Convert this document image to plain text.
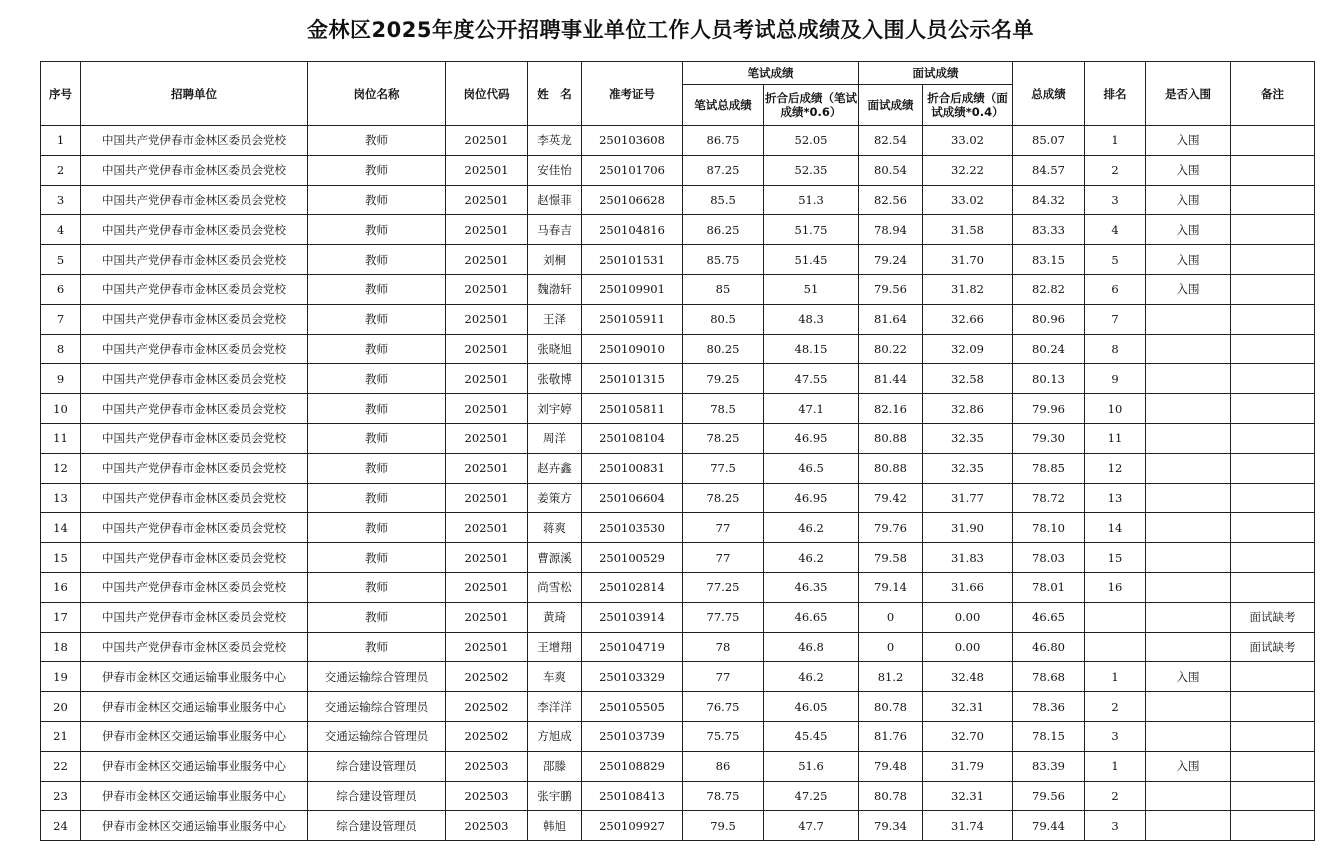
金林区2025年度公开招聘事业单位工作人员考试总成绩及入围人员公示名单
序号	招聘单位	岗位名称	岗位代码	姓　名	准考证号	笔试成绩		面试成绩		总成绩	排名	是否入围	备注
						笔试总成绩	折合后成绩（笔试成绩*0.6）	面试成绩	折合后成绩（面试成绩*0.4）				
1	中国共产党伊春市金林区委员会党校	教师	202501	李英龙	250103608	86.75	52.05	82.54	33.02	85.07	1	入围	
2	中国共产党伊春市金林区委员会党校	教师	202501	安佳怡	250101706	87.25	52.35	80.54	32.22	84.57	2	入围	
3	中国共产党伊春市金林区委员会党校	教师	202501	赵憬菲	250106628	85.5	51.3	82.56	33.02	84.32	3	入围	
4	中国共产党伊春市金林区委员会党校	教师	202501	马春吉	250104816	86.25	51.75	78.94	31.58	83.33	4	入围	
5	中国共产党伊春市金林区委员会党校	教师	202501	刘桐	250101531	85.75	51.45	79.24	31.70	83.15	5	入围	
6	中国共产党伊春市金林区委员会党校	教师	202501	魏渤轩	250109901	85	51	79.56	31.82	82.82	6	入围	
7	中国共产党伊春市金林区委员会党校	教师	202501	王泽	250105911	80.5	48.3	81.64	32.66	80.96	7		
8	中国共产党伊春市金林区委员会党校	教师	202501	张晓旭	250109010	80.25	48.15	80.22	32.09	80.24	8		
9	中国共产党伊春市金林区委员会党校	教师	202501	张敬博	250101315	79.25	47.55	81.44	32.58	80.13	9		
10	中国共产党伊春市金林区委员会党校	教师	202501	刘宇婷	250105811	78.5	47.1	82.16	32.86	79.96	10		
11	中国共产党伊春市金林区委员会党校	教师	202501	周洋	250108104	78.25	46.95	80.88	32.35	79.30	11		
12	中国共产党伊春市金林区委员会党校	教师	202501	赵卉鑫	250100831	77.5	46.5	80.88	32.35	78.85	12		
13	中国共产党伊春市金林区委员会党校	教师	202501	姜策方	250106604	78.25	46.95	79.42	31.77	78.72	13		
14	中国共产党伊春市金林区委员会党校	教师	202501	蒋爽	250103530	77	46.2	79.76	31.90	78.10	14		
15	中国共产党伊春市金林区委员会党校	教师	202501	曹源溪	250100529	77	46.2	79.58	31.83	78.03	15		
16	中国共产党伊春市金林区委员会党校	教师	202501	尚雪松	250102814	77.25	46.35	79.14	31.66	78.01	16		
17	中国共产党伊春市金林区委员会党校	教师	202501	黄琦	250103914	77.75	46.65	0	0.00	46.65			面试缺考
18	中国共产党伊春市金林区委员会党校	教师	202501	王增翔	250104719	78	46.8	0	0.00	46.80			面试缺考
19	伊春市金林区交通运输事业服务中心	交通运输综合管理员	202502	车爽	250103329	77	46.2	81.2	32.48	78.68	1	入围	
20	伊春市金林区交通运输事业服务中心	交通运输综合管理员	202502	李洋洋	250105505	76.75	46.05	80.78	32.31	78.36	2		
21	伊春市金林区交通运输事业服务中心	交通运输综合管理员	202502	方旭成	250103739	75.75	45.45	81.76	32.70	78.15	3		
22	伊春市金林区交通运输事业服务中心	综合建设管理员	202503	邵滕	250108829	86	51.6	79.48	31.79	83.39	1	入围	
23	伊春市金林区交通运输事业服务中心	综合建设管理员	202503	张宇鹏	250108413	78.75	47.25	80.78	32.31	79.56	2		
24	伊春市金林区交通运输事业服务中心	综合建设管理员	202503	韩旭	250109927	79.5	47.7	79.34	31.74	79.44	3		
